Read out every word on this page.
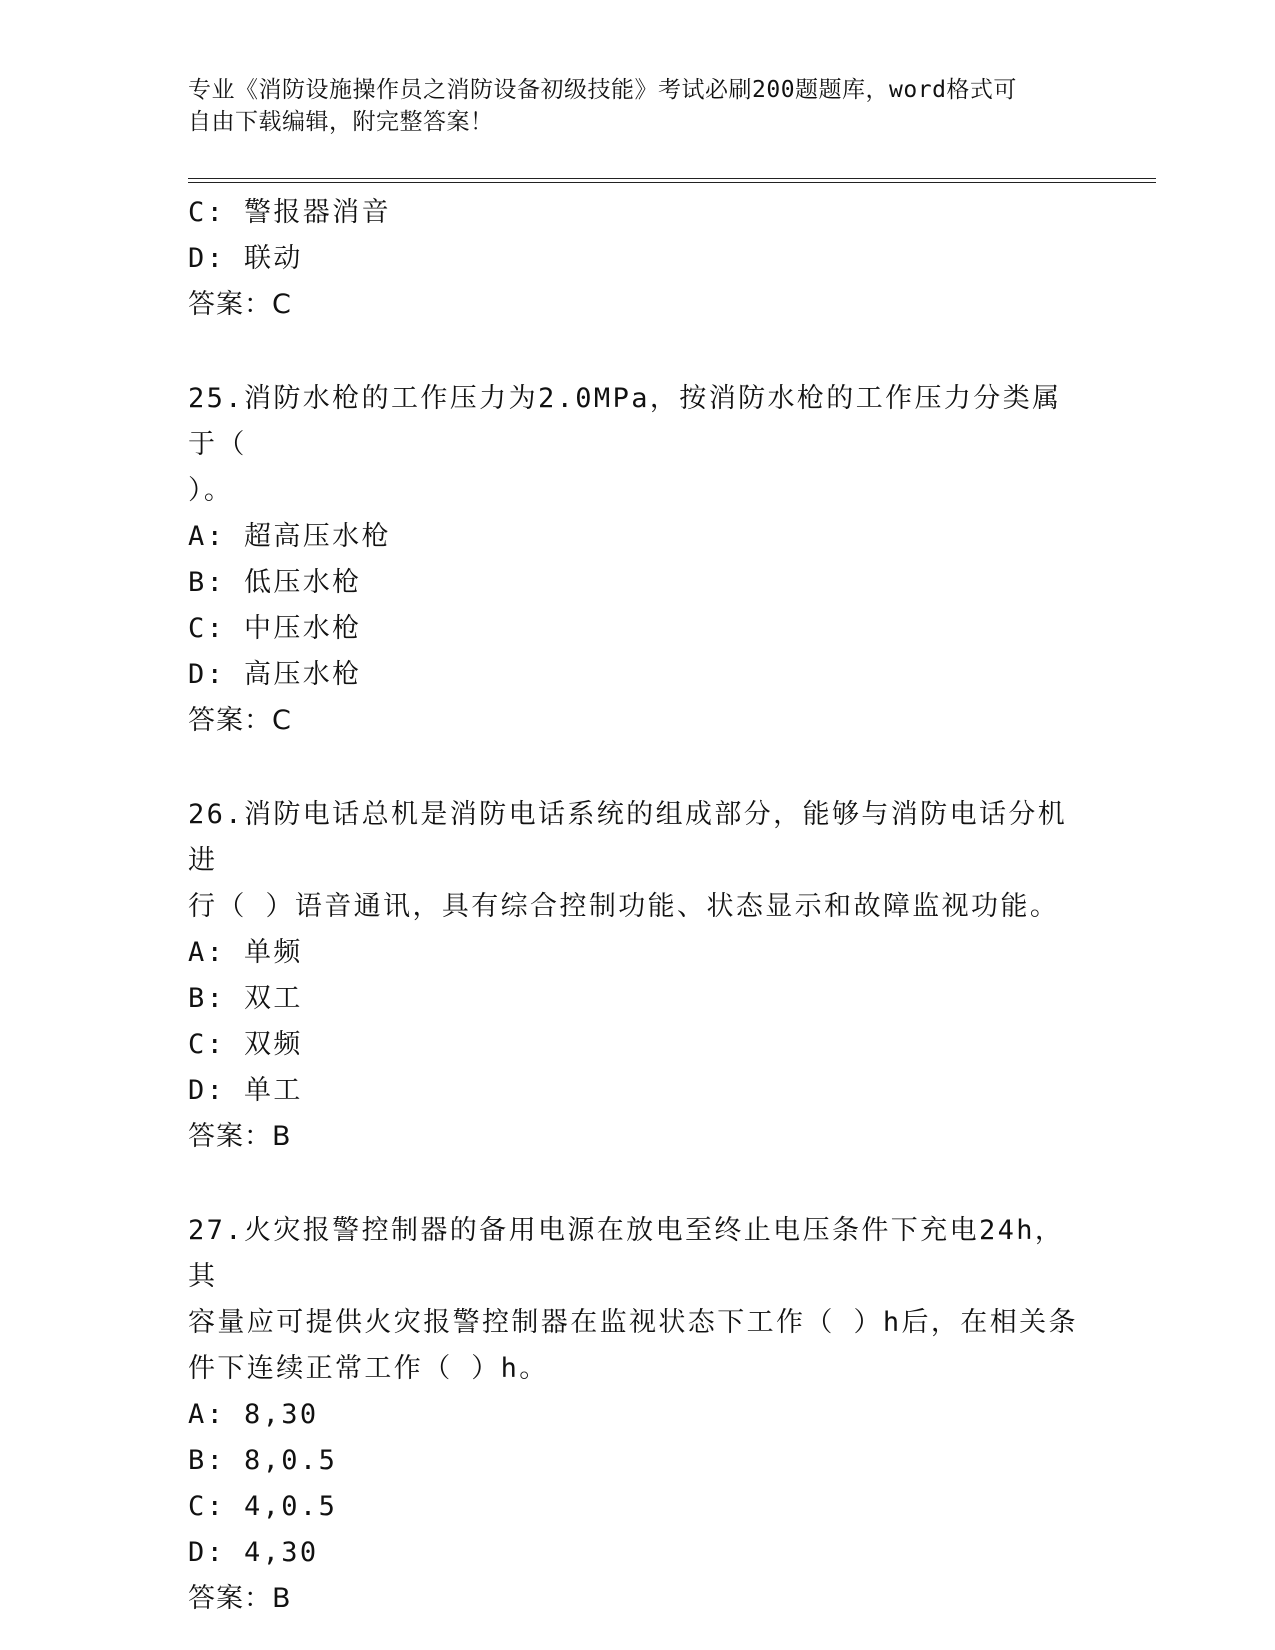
专业《消防设施操作员之消防设备初级技能》考试必刷200题题库，word格式可
自由下载编辑，附完整答案！
C: 警报器消音
D: 联动
答案：C
25.消防水枪的工作压力为2.0MPa，按消防水枪的工作压力分类属于（
）。
A: 超高压水枪
B: 低压水枪
C: 中压水枪
D: 高压水枪
答案：C
26.消防电话总机是消防电话系统的组成部分，能够与消防电话分机进
行（ ）语音通讯，具有综合控制功能、状态显示和故障监视功能。
A: 单频
B: 双工
C: 双频
D: 单工
答案：B
27.火灾报警控制器的备用电源在放电至终止电压条件下充电24h，其
容量应可提供火灾报警控制器在监视状态下工作（ ）h后，在相关条
件下连续正常工作（ ）h。
A: 8,30
B: 8,0.5
C: 4,0.5
D: 4,30
答案：B
